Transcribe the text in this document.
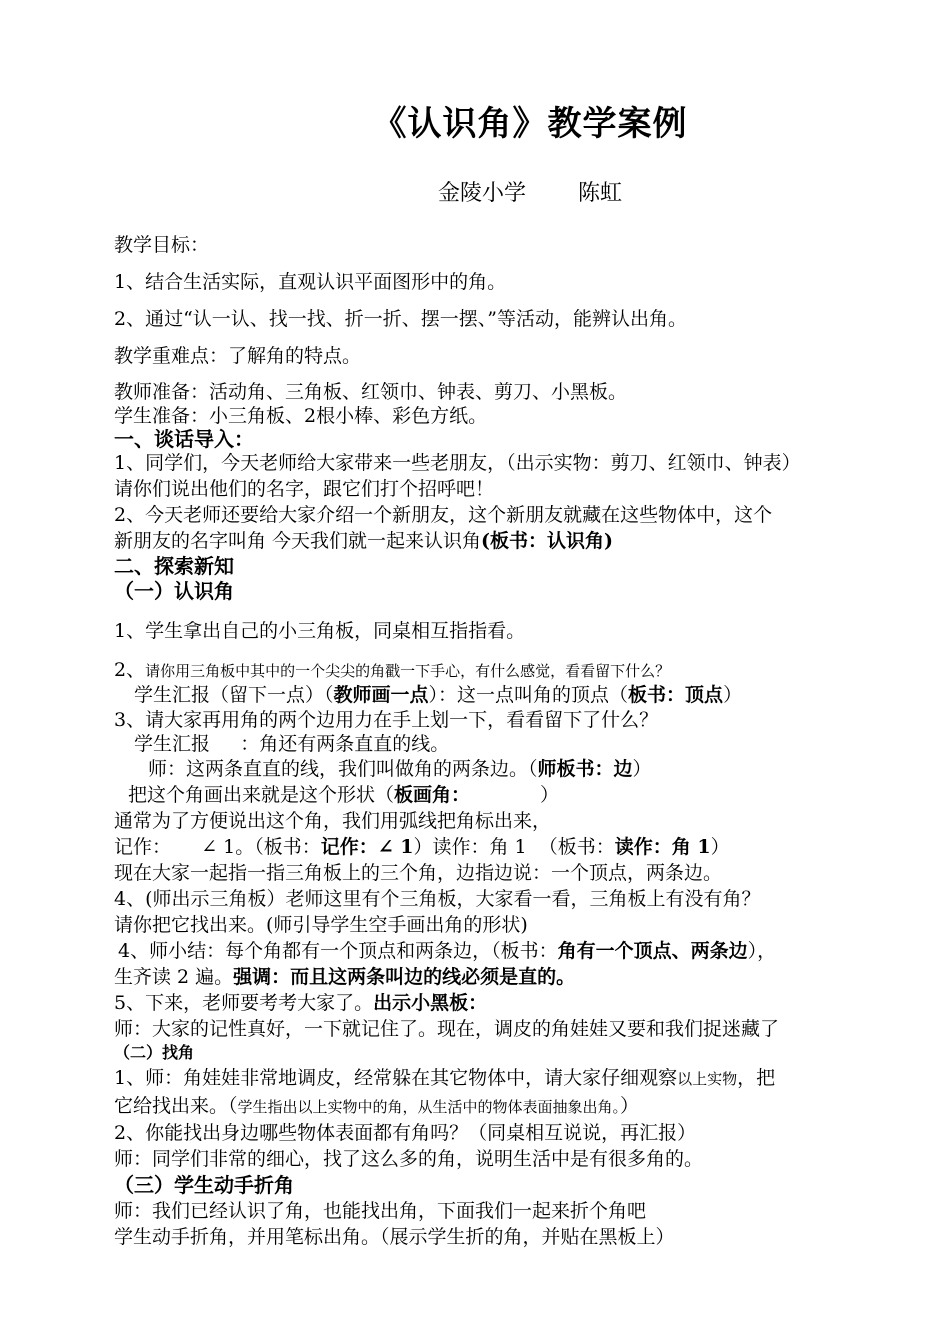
《认识角》教学案例
金陵小学 陈虹

教学目标：

1、结合生活实际，直观认识平面图形中的角。

2、通过“认一认、找一找、折一折、摆一摆、”等活动，能辨认出角。

教学重难点：了解角的特点。

教师准备：活动角、三角板、红领巾、钟表、剪刀、小黑板。

学生准备：小三角板、2根小棒、彩色方纸。

一、谈话导入：

1、同学们，今天老师给大家带来一些老朋友，（出示实物：剪刀、红领巾、钟表）

请你们说出他们的名字，跟它们打个招呼吧！

2、今天老师还要给大家介绍一个新朋友，这个新朋友就藏在这些物体中，这个

新朋友的名字叫角 今天我们就一起来认识角(板书：认识角)

二、探索新知

（一）认识角

1、学生拿出自己的小三角板，同桌相互指指看。

2、请你用三角板中其中的一个尖尖的角戳一下手心，有什么感觉，看看留下什么？

学生汇报（留下一点）（教师画一点）：这一点叫角的顶点（板书：顶点）

3、请大家再用角的两个边用力在手上划一下，看看留下了什么？

学生汇报     ：角还有两条直直的线。

师：这两条直直的线，我们叫做角的两条边。（师板书：边）

把这个角画出来就是这个形状（板画角：	）

通常为了方便说出这个角，我们用弧线把角标出来，

记作：     ∠ 1。（板书：记作：∠ 1）读作：角 1  （板书：读作：角 1）

现在大家一起指一指三角板上的三个角，边指边说：一个顶点，两条边。

4、(师出示三角板）老师这里有个三角板，大家看一看，三角板上有没有角？

请你把它找出来。(师引导学生空手画出角的形状)

4、师小结：每个角都有一个顶点和两条边，（板书：角有一个顶点、两条边），

生齐读 2 遍。强调：而且这两条叫边的线必须是直的。

5、下来，老师要考考大家了。出示小黑板：

师：大家的记性真好，一下就记住了。现在，调皮的角娃娃又要和我们捉迷藏了

（二）找角

1、师：角娃娃非常地调皮，经常躲在其它物体中，请大家仔细观察以上实物，把

它给找出来。（学生指出以上实物中的角，从生活中的物体表面抽象出角。）

2、你能找出身边哪些物体表面都有角吗？（同桌相互说说，再汇报）

师：同学们非常的细心，找了这么多的角，说明生活中是有很多角的。

（三）学生动手折角

师：我们已经认识了角，也能找出角，下面我们一起来折个角吧

学生动手折角，并用笔标出角。（展示学生折的角，并贴在黑板上）
